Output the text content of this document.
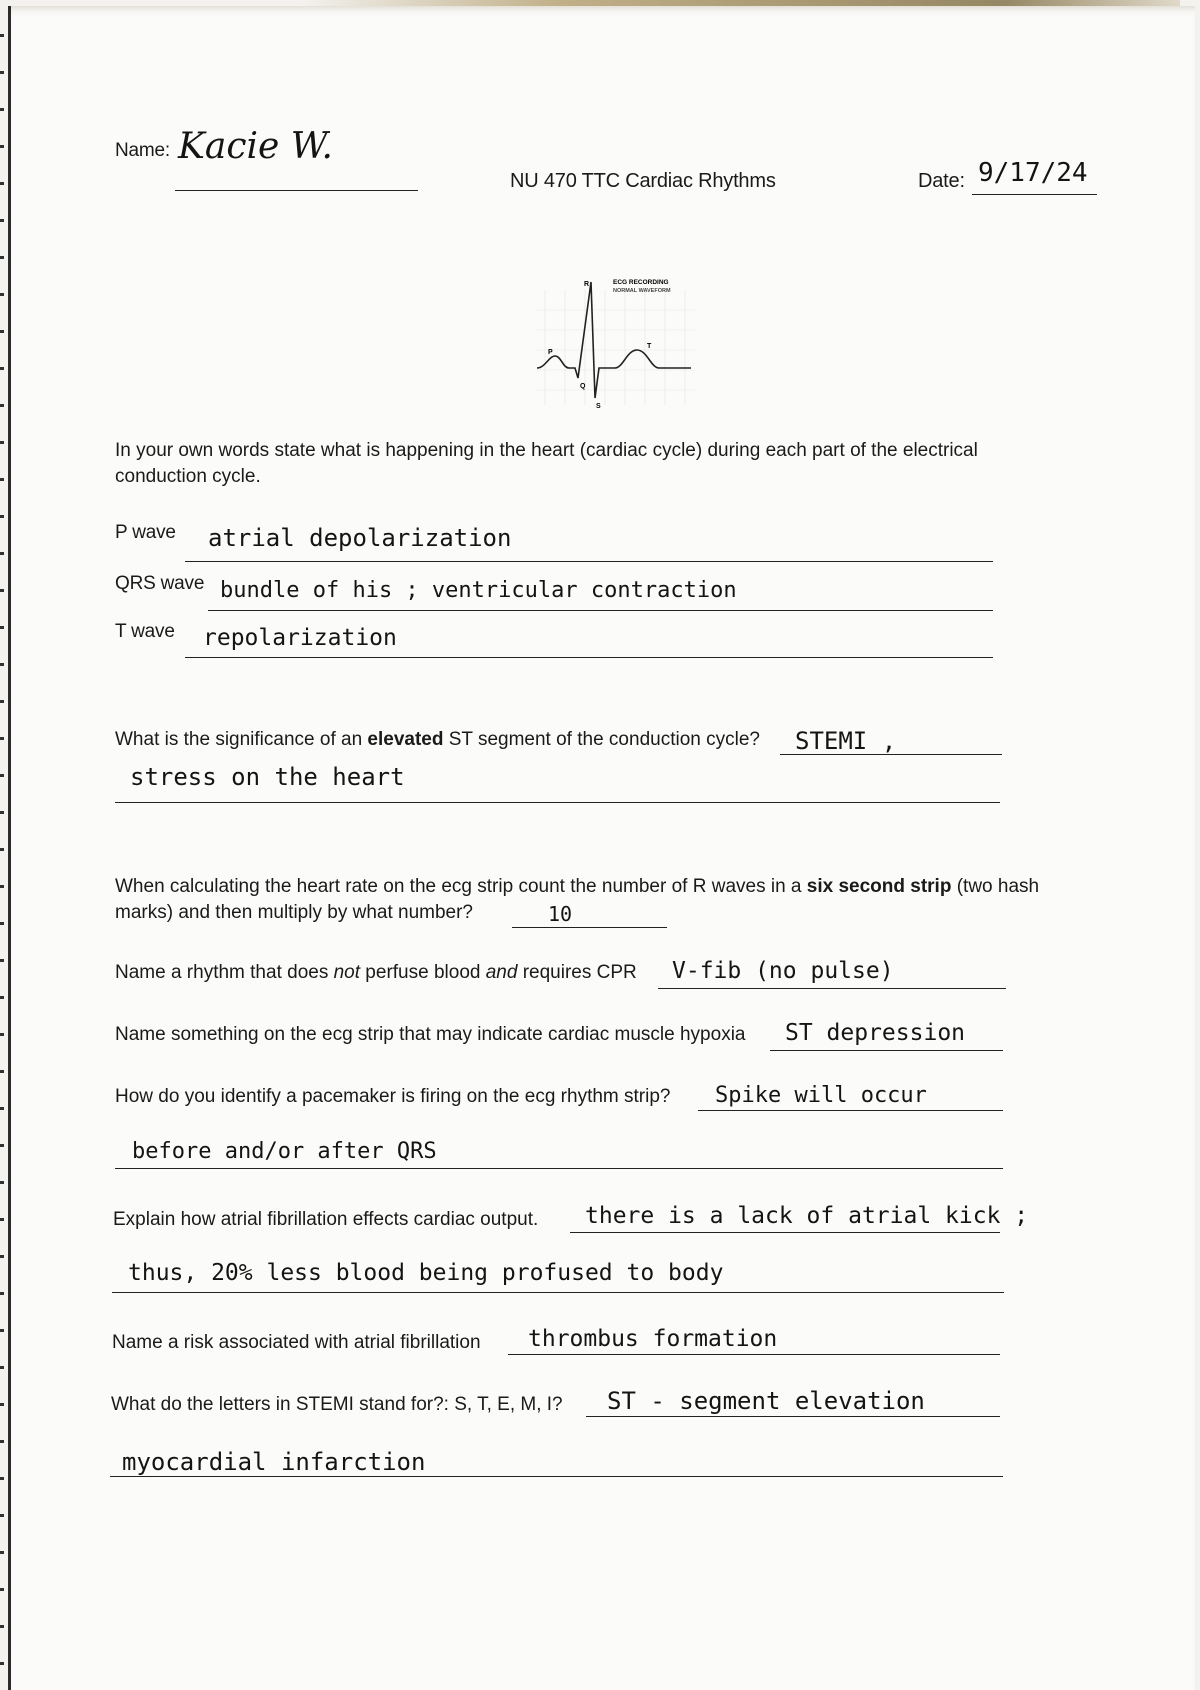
Name: Kacie W.
NU 470 TTC Cardiac Rhythms	Date: 9/17/24
R
P
Q
S
T
ECG RECORDING
NORMAL WAVEFORM
In your own words state what is happening in the heart (cardiac cycle) during each part of the electrical conduction cycle.
P wave atrial depolarization
QRS wave bundle of his ; ventricular contraction
T wave repolarization
What is the significance of an elevated ST segment of the conduction cycle? STEMI ,
stress on the heart
When calculating the heart rate on the ecg strip count the number of R waves in a six second strip (two hash marks) and then multiply by what number?	10
Name a rhythm that does not perfuse blood and requires CPR V-fib (no pulse)
Name something on the ecg strip that may indicate cardiac muscle hypoxia ST depression
How do you identify a pacemaker is firing on the ecg rhythm strip? Spike will occur
before and/or after QRS
Explain how atrial fibrillation effects cardiac output. there is a lack of atrial kick ;
thus, 20% less blood being profused to body
Name a risk associated with atrial fibrillation thrombus formation
What do the letters in STEMI stand for?: S, T, E, M, I? ST - segment elevation
myocardial infarction
